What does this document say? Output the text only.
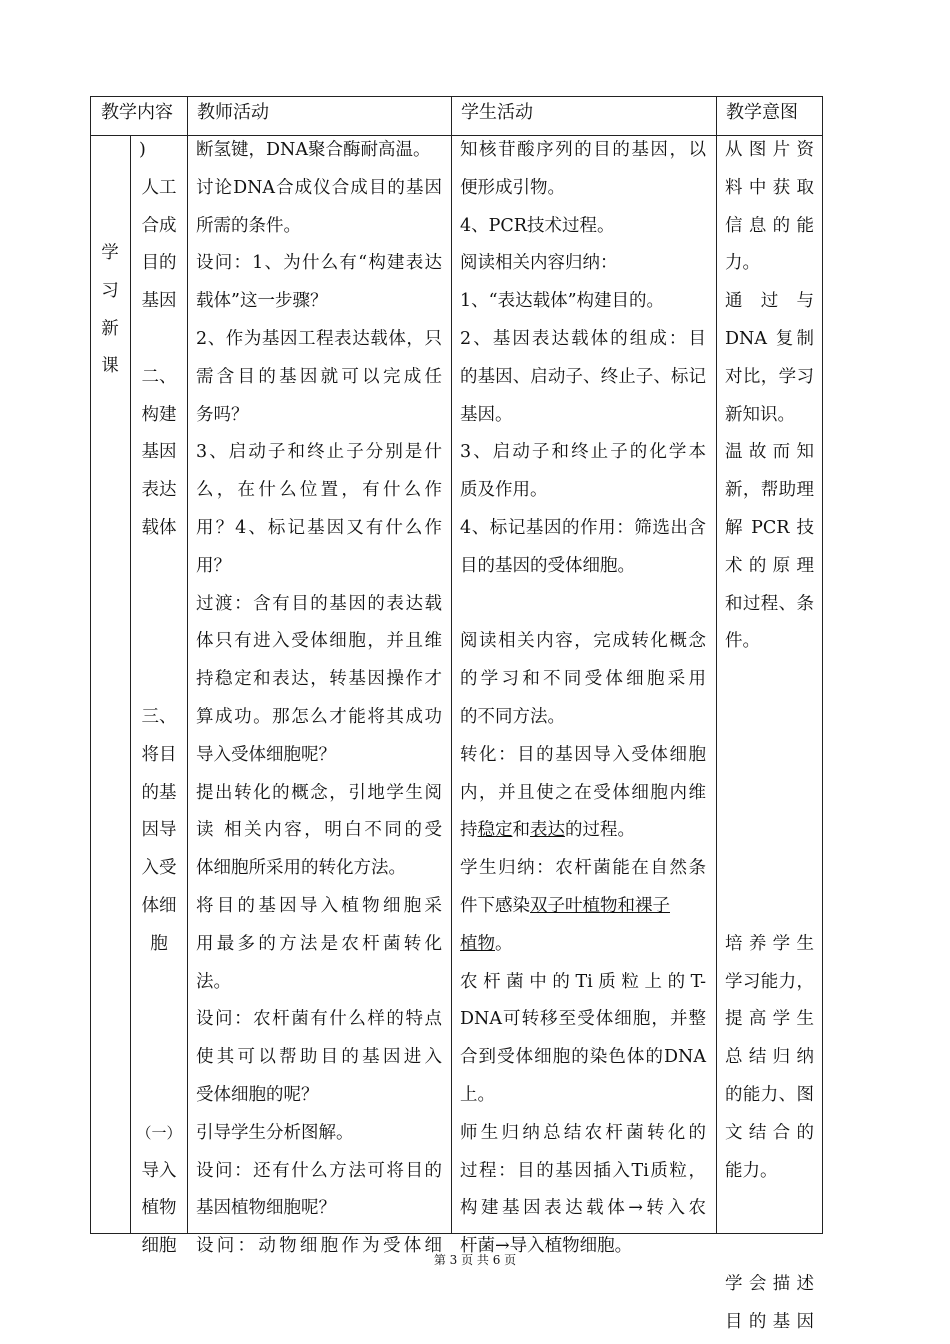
教学内容 教师活动	学生活动	教学意图

学

习

新

课

)

人工

合成

目的

基因

二、

构建

基因

表达

载体

三、

将目

的基

因导

入受

体细

胞

（一）

导入

植物

细胞

断氢键，DNA聚合酶耐高温。

讨论DNA合成仪合成目的基因

所需的条件。

设问：1、为什么有“构建表达

载体”这一步骤？

2、作为基因工程表达载体，只

需含目的基因就可以完成任

务吗？

3、启动子和终止子分别是什

么，在什么位置，有什么作

用？4、标记基因又有什么作

用？

过渡：含有目的基因的表达载

体只有进入受体细胞，并且维

持稳定和表达，转基因操作才

算成功。那怎么才能将其成功

导入受体细胞呢？

提出转化的概念，引地学生阅

读 相关内容，明白不同的受

体细胞所采用的转化方法。

将目的基因导入植物细胞采

用最多的方法是农杆菌转化

法。

设问：农杆菌有什么样的特点

使其可以帮助目的基因进入

受体细胞的呢？

引导学生分析图解。

设问：还有什么方法可将目的

基因植物细胞呢？

设问：动物细胞作为受体细

知核苷酸序列的目的基因，以

便形成引物。

4、PCR技术过程。

阅读相关内容归纳：

1、“表达载体”构建目的。

2、基因表达载体的组成：目

的基因、启动子、终止子、标记

基因。

3、启动子和终止子的化学本

质及作用。

4、标记基因的作用：筛选出含

目的基因的受体细胞。

阅读相关内容，完成转化概念

的学习和不同受体细胞采用

的不同方法。

转化：目的基因导入受体细胞

内，并且使之在受体细胞内维

持稳定和表达的过程。

学生归纳：农杆菌能在自然条

件下感染双子叶植物和裸子

植物。

农杆菌中的Ti质粒上的T-

DNA可转移至受体细胞，并整

合到受体细胞的染色体的DNA

上。

师生归纳总结农杆菌转化的

过程：目的基因插入Ti质粒，

构建基因表达载体→转入农

杆菌→导入植物细胞。

从图片资

料中获取

信息的能

力。

通过与

DNA 复制

对比，学习

新知识。

温故而知

新，帮助理

解 PCR 技

术的原理

和过程、条

件。

培养学生

学习能力，

提高学生

总结归纳

的能力、图

文结合的

能力。

学会描述

目的基因

第 3 页 共 6 页
